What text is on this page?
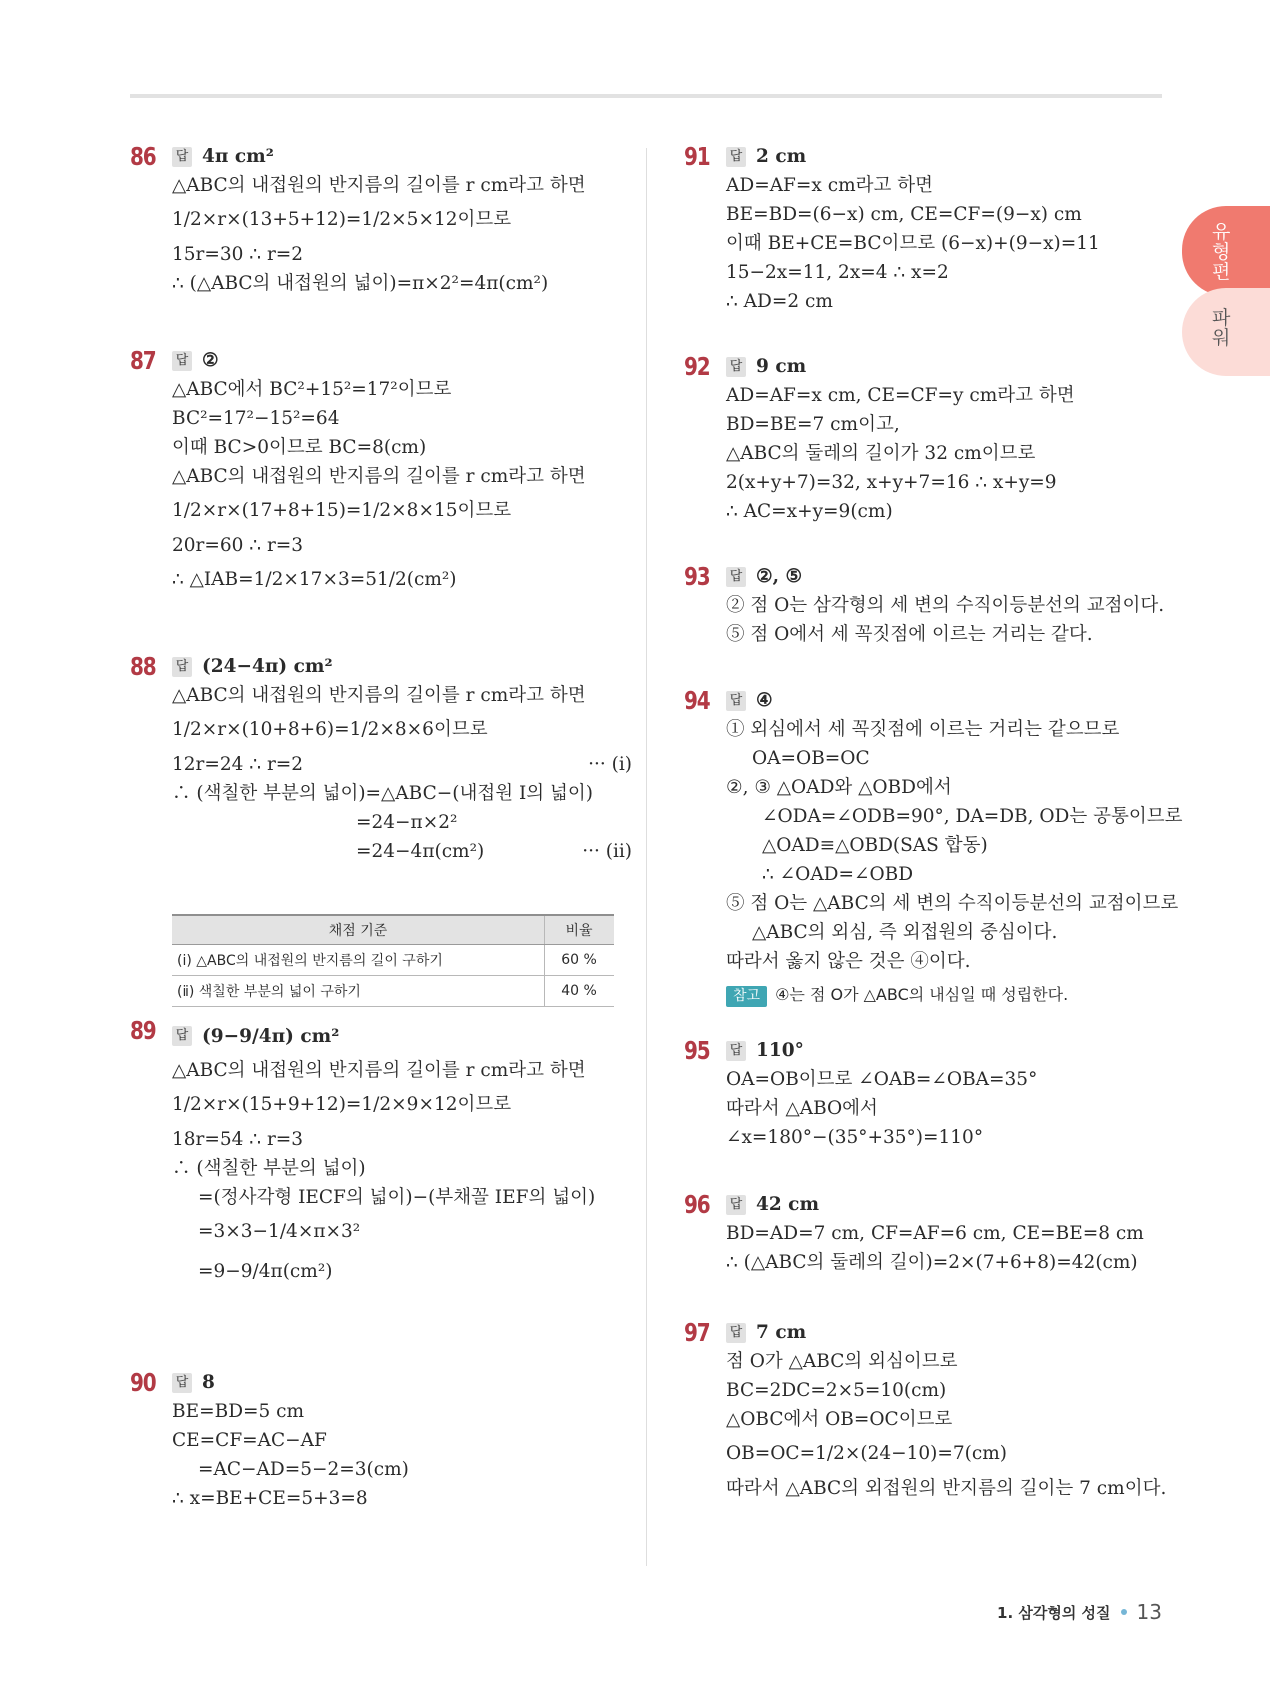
유형편
파워
86 답 4π cm²
△ABC의 내접원의 반지름의 길이를 r cm라고 하면
1/2×r×(13+5+12)=1/2×5×12이므로
15r=30 ∴ r=2
∴ (△ABC의 내접원의 넓이)=π×2²=4π(cm²)
87 답 ②
△ABC에서 BC²+15²=17²이므로
BC²=17²−15²=64
이때 BC>0이므로 BC=8(cm)
△ABC의 내접원의 반지름의 길이를 r cm라고 하면
1/2×r×(17+8+15)=1/2×8×15이므로
20r=60 ∴ r=3
∴ △IAB=1/2×17×3=51/2(cm²)
88 답 (24−4π) cm²
△ABC의 내접원의 반지름의 길이를 r cm라고 하면
1/2×r×(10+8+6)=1/2×8×6이므로
12r=24 ∴ r=2	··· (ⅰ)
∴ (색칠한 부분의 넓이)=△ABC−(내접원 I의 넓이)
=24−π×2²
=24−4π(cm²)	··· (ⅱ)
89 답 (9−9/4π) cm²
△ABC의 내접원의 반지름의 길이를 r cm라고 하면
1/2×r×(15+9+12)=1/2×9×12이므로
18r=54 ∴ r=3
∴ (색칠한 부분의 넓이)
=(정사각형 IECF의 넓이)−(부채꼴 IEF의 넓이)
=3×3−1/4×π×3²
=9−9/4π(cm²)
90 답 8
BE=BD=5 cm
CE=CF=AC−AF
=AC−AD=5−2=3(cm)
∴ x=BE+CE=5+3=8
91 답 2 cm
AD=AF=x cm라고 하면
BE=BD=(6−x) cm, CE=CF=(9−x) cm
이때 BE+CE=BC이므로 (6−x)+(9−x)=11
15−2x=11, 2x=4 ∴ x=2
∴ AD=2 cm
92 답 9 cm
AD=AF=x cm, CE=CF=y cm라고 하면
BD=BE=7 cm이고,
△ABC의 둘레의 길이가 32 cm이므로
2(x+y+7)=32, x+y+7=16 ∴ x+y=9
∴ AC=x+y=9(cm)
93 답 ②, ⑤
② 점 O는 삼각형의 세 변의 수직이등분선의 교점이다.
⑤ 점 O에서 세 꼭짓점에 이르는 거리는 같다.
94 답 ④
① 외심에서 세 꼭짓점에 이르는 거리는 같으므로
OA=OB=OC
②, ③ △OAD와 △OBD에서
∠ODA=∠ODB=90°, DA=DB, OD는 공통이므로
△OAD≡△OBD(SAS 합동)
∴ ∠OAD=∠OBD
⑤ 점 O는 △ABC의 세 변의 수직이등분선의 교점이므로
△ABC의 외심, 즉 외접원의 중심이다.
따라서 옳지 않은 것은 ④이다.
참고 ④는 점 O가 △ABC의 내심일 때 성립한다.
95 답 110°
OA=OB이므로 ∠OAB=∠OBA=35°
따라서 △ABO에서
∠x=180°−(35°+35°)=110°
96 답 42 cm
BD=AD=7 cm, CF=AF=6 cm, CE=BE=8 cm
∴ (△ABC의 둘레의 길이)=2×(7+6+8)=42(cm)
97 답 7 cm
점 O가 △ABC의 외심이므로
BC=2DC=2×5=10(cm)
△OBC에서 OB=OC이므로
OB=OC=1/2×(24−10)=7(cm)
따라서 △ABC의 외접원의 반지름의 길이는 7 cm이다.
채점 기준	비율
(ⅰ) △ABC의 내접원의 반지름의 길이 구하기	60 %
(ⅱ) 색칠한 부분의 넓이 구하기	40 %
1. 삼각형의 성질 13
